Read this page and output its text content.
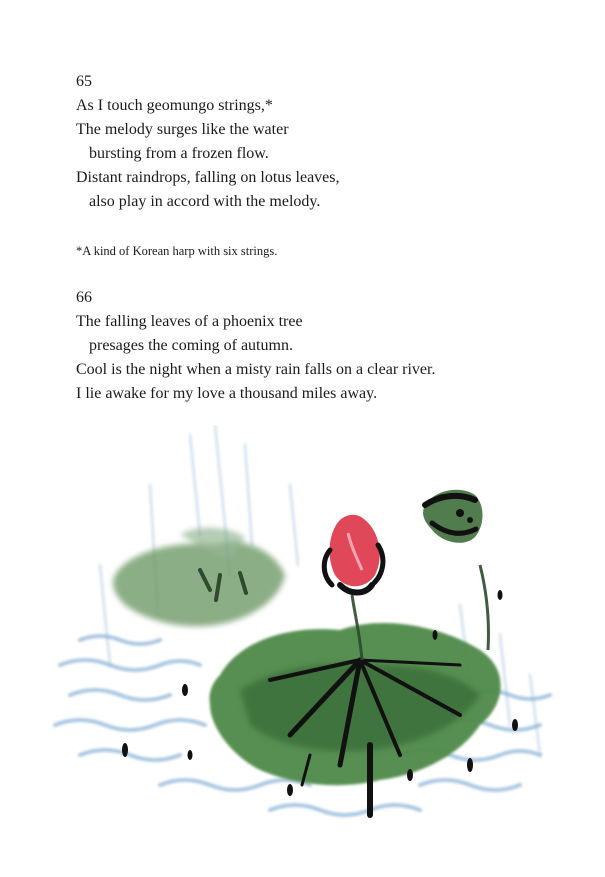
65
As I touch geomungo strings,*
The melody surges like the water
bursting from a frozen flow.
Distant raindrops, falling on lotus leaves,
also play in accord with the melody.
*A kind of Korean harp with six strings.
66
The falling leaves of a phoenix tree
presages the coming of autumn.
Cool is the night when a misty rain falls on a clear river.
I lie awake for my love a thousand miles away.
